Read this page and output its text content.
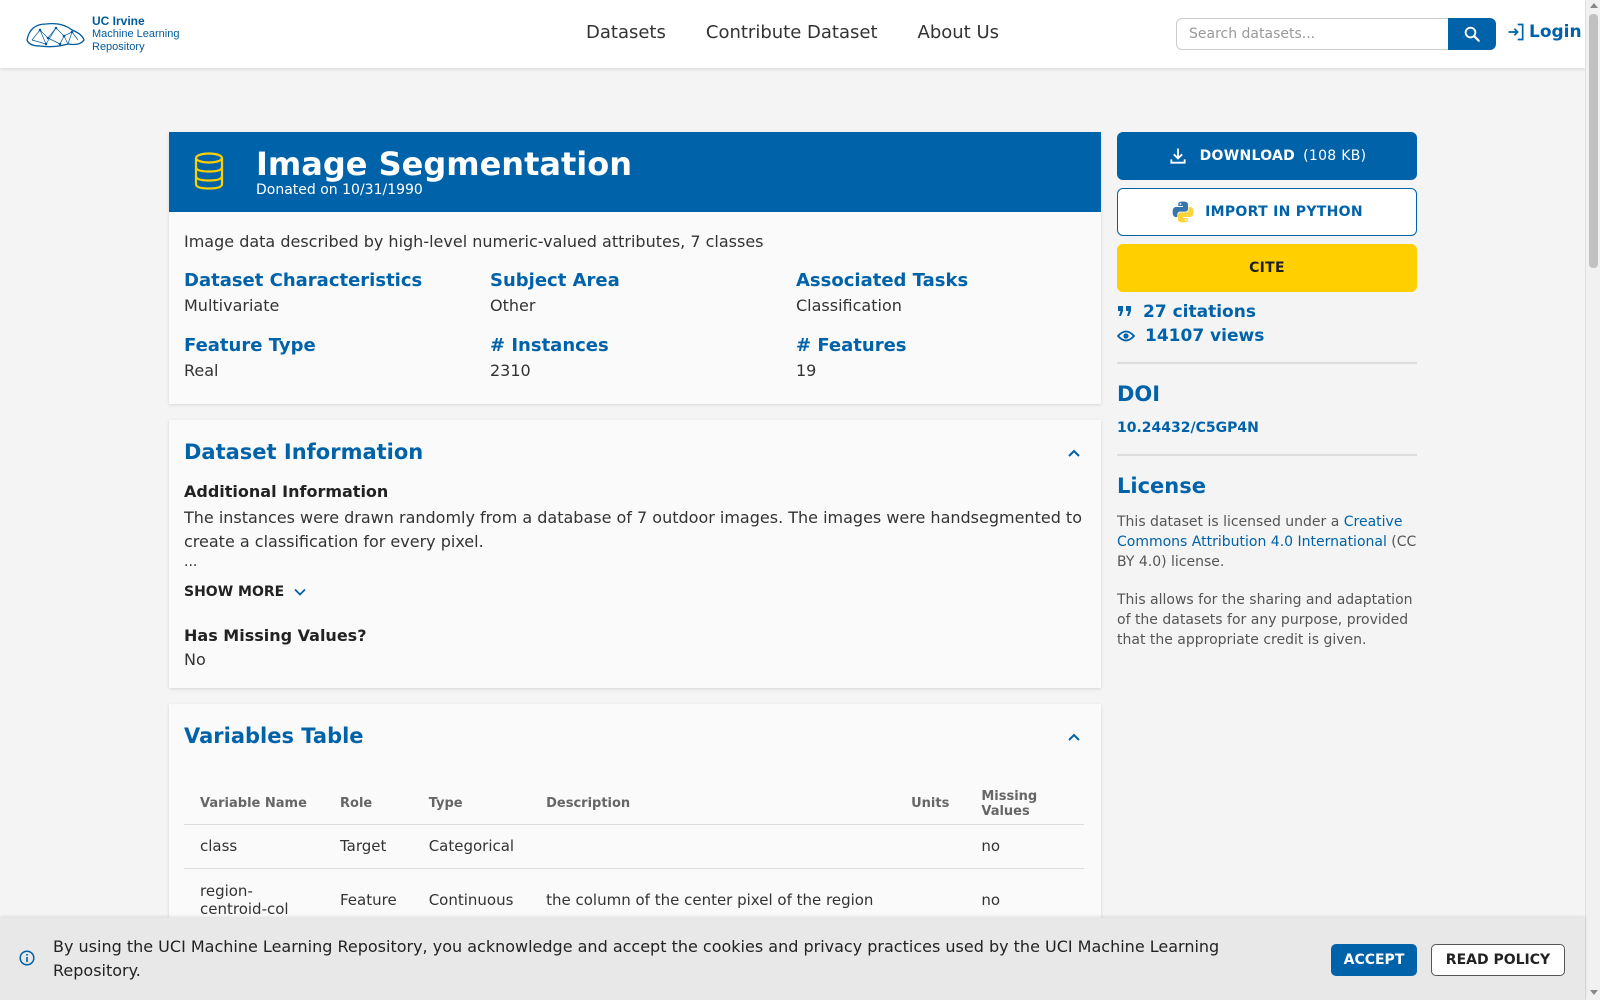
UC Irvine
Machine Learning
Repository
Datasets Contribute Dataset About Us
Search datasets...	Login
Image Segmentation
Donated on 10/31/1990
Image data described by high-level numeric-valued attributes, 7 classes
Dataset Characteristics
Multivariate
Subject Area
Other
Associated Tasks
Classification
Feature Type
Real
# Instances
2310
# Features
19
Dataset Information
Additional Information
The instances were drawn randomly from a database of 7 outdoor images. The images were handsegmented to create a classification for every pixel.
...
SHOW MORE
Has Missing Values?
No
Variables Table
Variable Name	Role	Type	Description	Units	Missing Values
class	Target	Categorical			no
region-centroid-col	Feature	Continuous	the column of the center pixel of the region		no
DOWNLOAD (108 KB)
IMPORT IN PYTHON
CITE
27 citations
14107 views
DOI
10.24432/C5GP4N
License
This dataset is licensed under a Creative Commons Attribution 4.0 International (CC BY 4.0) license.
This allows for the sharing and adaptation of the datasets for any purpose, provided that the appropriate credit is given.
By using the UCI Machine Learning Repository, you acknowledge and accept the cookies and privacy practices used by the UCI Machine Learning Repository.
ACCEPT	READ POLICY
